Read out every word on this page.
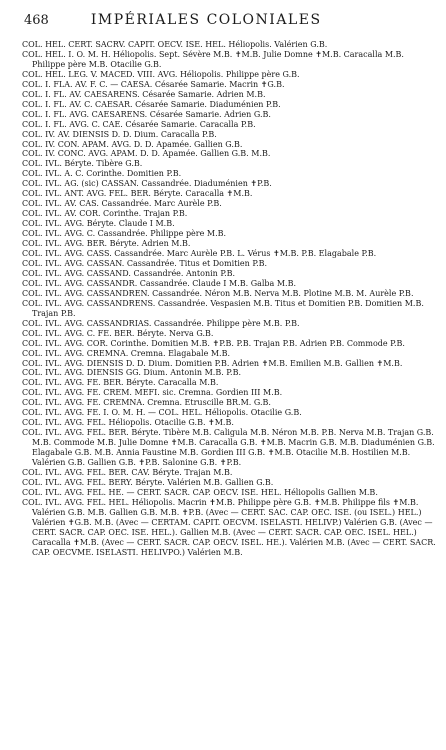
468	IMPÉRIALES COLONIALES

COL. HEL. CERT. SACRV. CAPIT. OECV. ISE. HEL. Héliopolis. Valérien G.B.

COL. HEL. I. O. M. H. Héliopolis. Sept. Sévère M.B. ✝M.B. Julie Domne ✝M.B. Caracalla M.B. Philippe père M.B. Otacilie G.B.

COL. HEL. LEG. V. MACED. VIII. AVG. Héliopolis. Philippe père G.B.

COL. I. FLA. AV. F. C. — CAESA. Césarée Samarie. Macrin ✝G.B.

COL. I. FL. AV. CAESARENS. Césarée Samarie. Adrien M.B.

COL. I. FL. AV. C. CAESAR. Césarée Samarie. Diadu⁠ménien P.B.

COL. I. FL. AVG. CAESARENS. Césarée Samarie. Adrien G.B.

COL. I. FL. AVG. C. CAE. Césarée Samarie. Caracalla P.B.

COL. IV. AV. DIENSIS D. D. Dium. Caracalla P.B.

COL. IV. CON. APAM. AVG. D. D. Apamée. Gallien G.B.

COL. IV. CONC. AVG. APAM. D. D. Apamée. Gallien G.B. M.B.

COL. IVL. Béryte. Tibère G.B.

COL. IVL. A. C. Corinthe. Domitien P.B.

COL. IVL. AG. (sic) CASSAN. Cassandrée. Diadu⁠ménien ✝P.B.

COL. IVL. ANT. AVG. FEL. BER. Béryte. Caracalla ✝M.B.

COL. IVL. AV. CAS. Cassandrée. Marc Aurèle P.B.

COL. IVL. AV. COR. Corinthe. Trajan P.B.

COL. IVL. AVG. Béryte. Claude I M.B.

COL. IVL. AVG. C. Cassandrée. Philippe père M.B.

COL. IVL. AVG. BER. Béryte. Adrien M.B.

COL. IVL. AVG. CASS. Cassandrée. Marc Aurèle P.B. L. Vérus ✝M.B. P.B. Elagabale P.B.

COL. IVL. AVG. CASSAN. Cassandrée. Titus et Domitien P.B.

COL. IVL. AVG. CASSAND. Cassandrée. Antonin P.B.

COL. IVL. AVG. CASSANDR. Cassandrée. Claude I M.B. Galba M.B.

COL. IVL. AVG. CASSANDREN. Cassandrée. Néron M.B. Nerva M.B. Plotine M.B. M. Aurèle P.B.

COL. IVL. AVG. CASSANDRENS. Cassandrée. Vespasien M.B. Titus et Domitien P.B. Domitien M.B. Trajan P.B.

COL. IVL. AVG. CASSANDRIAS. Cassandrée. Philippe père M.B. P.B.

COL. IVL. AVG. C. FE. BER. Béryte. Nerva G.B.

COL. IVL. AVG. COR. Corinthe. Domitien M.B. ✝P.B. P.B. Trajan P.B. Adrien P.B. Commode P.B.

COL. IVL. AVG. CREMNA. Cremna. Elagabale M.B.

COL. IVL. AVG. DIENSIS D. D. Dium. Domitien P.B. Adrien ✝M.B. Emilien M.B. Gallien ✝M.B.

COL. IVL. AVG. DIENSIS GG. Dium. Antonin M.B. P.B.

COL. IVL. AVG. FE. BER. Béryte. Caracalla M.B.

COL. IVL. AVG. FE. CREM. MEFI. sic. Cremna. Gordien III M.B.

COL. IVL. AVG. FE. CREMNA. Cremna. Etruscille BR.M. G.B.

COL. IVL. AVG. FE. I. O. M. H. — COL. HEL. Héliopolis. Otacilie G.B.

COL. IVL. AVG. FEL. Héliopolis. Otacilie G.B. ✝M.B.

COL. IVL. AVG. FEL. BER. Béryte. Tibère M.B. Caligula M.B. Néron M.B. P.B. Nerva M.B. Trajan G.B. M.B. Commode M.B. Julie Domne ✝M.B. Caracalla G.B. ✝M.B. Macrin G.B. M.B. Diadu⁠ménien G.B. Elagabale G.B. M.B. Annia Faustine M.B. Gordien III G.B. ✝M.B. Otacilie M.B. Hostilien M.B. Valérien G.B. Gallien G.B. ✝P.B. Salonine G.B. ✝P.B.

COL. IVL. AVG. FEL. BER. CAV. Béryte. Trajan M.B.

COL. IVL. AVG. FEL. BERY. Béryte. Valérien M.B. Gallien G.B.

COL. IVL. AVG. FEL. HE. — CERT. SACR. CAP. OECV. ISE. HEL. Héliopolis Gallien M.B.

COL. IVL. AVG. FEL. HEL. Héliopolis. Macrin ✝M.B. Philippe père G.B. ✝M.B. Philippe fils ✝M.B. Valérien G.B. M.B. Gallien G.B. M.B. ✝P.B. (Avec — CERT. SAC. CAP. OEC. ISE. (ou ISEL.) HEL.) Valérien ✝G.B. M.B. (Avec — CERTAM. CAPIT. OECVM. ISELASTI. HELIVP.) Valérien G.B. (Avec — CERT. SACR. CAP. OEC. ISE. HEL.). Gallien M.B. (Avec — CERT. SACR. CAP. OEC. ISEL. HEL.) Caracalla ✝M.B. (Avec — CERT. SACR. CAP. OECV. ISEL. HE.). Valérien M.B. (Avec — CERT. SACR. CAP. OECVME. ISELASTI. HELIVPO.) Valérien M.B.
